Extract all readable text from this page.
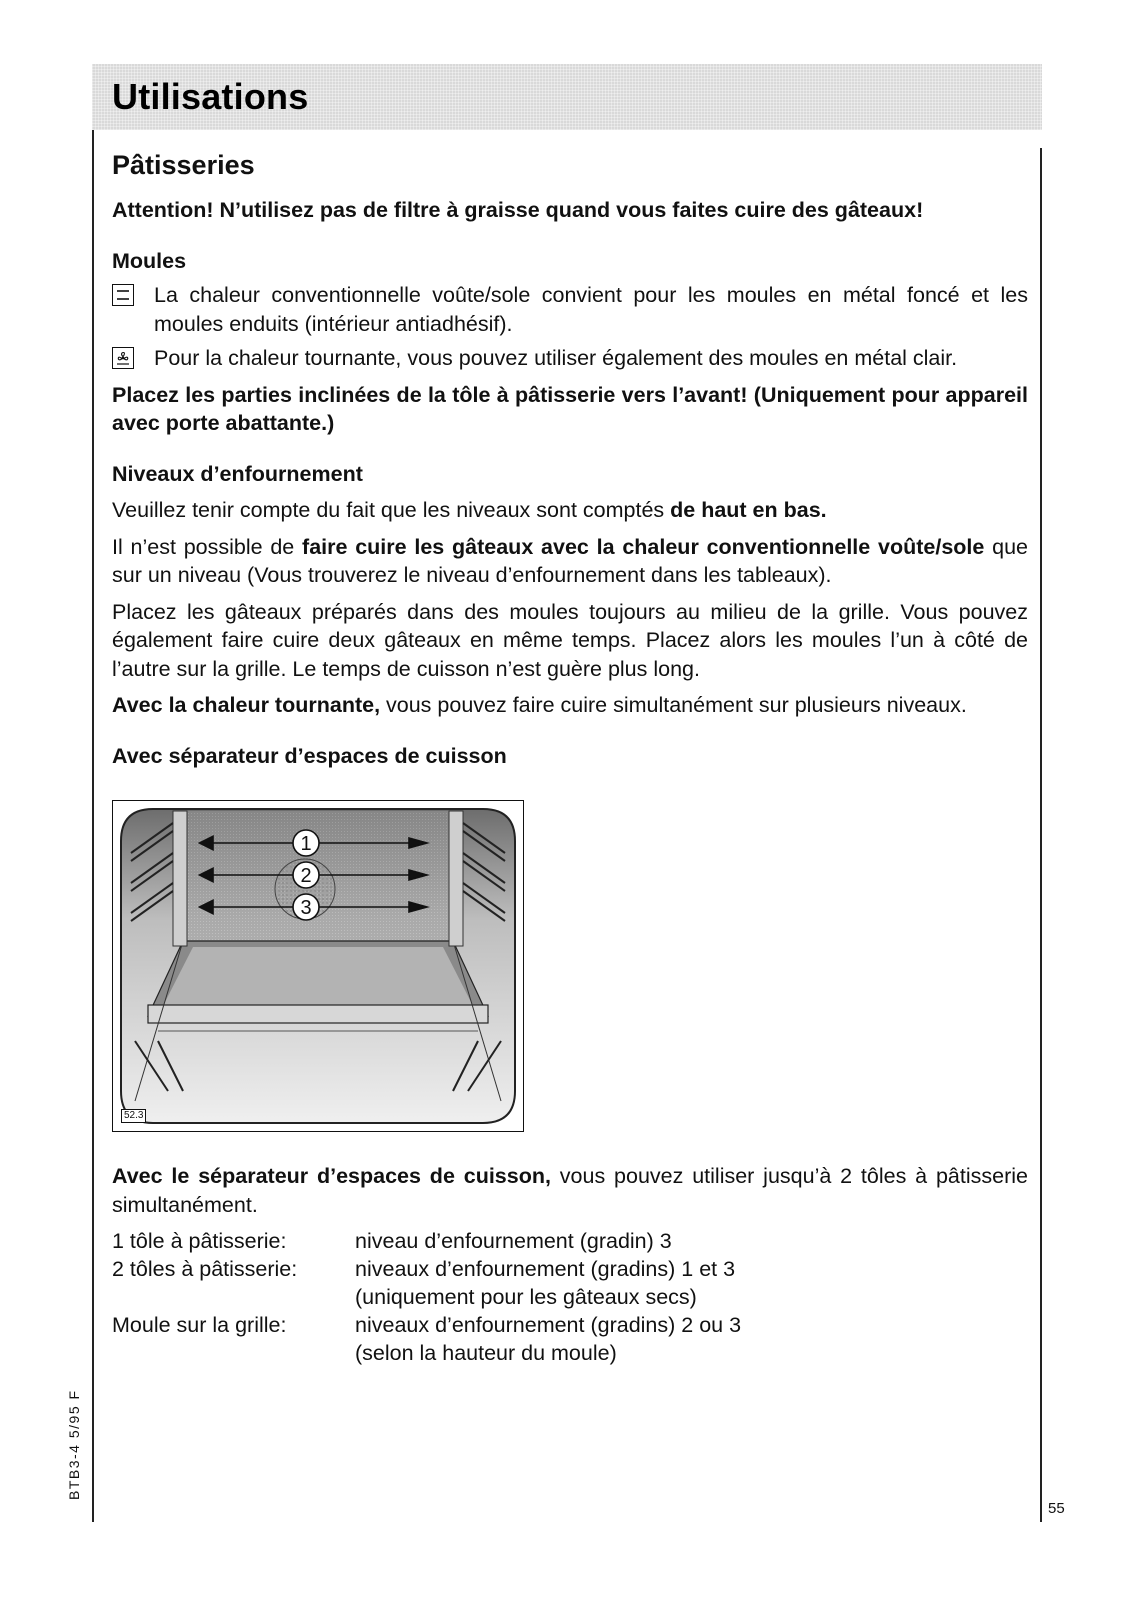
Utilisations
Pâtisseries
Attention! N’utilisez pas de filtre à graisse quand vous faites cuire des gâteaux!
Moules
La chaleur conventionnelle voûte/sole convient pour les moules en métal foncé et les moules enduits (intérieur antiadhésif).
Pour la chaleur tournante, vous pouvez utiliser également des moules en métal clair.

Placez les parties inclinées de la tôle à pâtisserie vers l’avant! (Uniquement pour appareil avec porte abattante.)

Niveaux d’enfournement

Veuillez tenir compte du fait que les niveaux sont comptés de haut en bas.

Il n’est possible de faire cuire les gâteaux avec la chaleur conventionnelle voûte/sole que sur un niveau (Vous trouverez le niveau d’enfournement dans les tableaux).

Placez les gâteaux préparés dans des moules toujours au milieu de la grille. Vous pouvez également faire cuire deux gâteaux en même temps. Placez alors les moules l’un à côté de l’autre sur la grille. Le temps de cuisson n’est guère plus long.

Avec la chaleur tournante, vous pouvez faire cuire simultanément sur plusieurs niveaux.

Avec séparateur d’espaces de cuisson
1
2
3
52.3

Avec le séparateur d’espaces de cuisson, vous pouvez utiliser jusqu’à 2 tôles à pâtisserie simultanément.

1 tôle à pâtisserie:	niveau d’enfournement (gradin) 3
2 tôles à pâtisserie:	niveaux d’enfournement (gradins) 1 et 3
(uniquement pour les gâteaux secs)
Moule sur la grille:	niveaux d’enfournement (gradins) 2 ou 3
(selon la hauteur du moule)
BTB3-4 5/95 F
55
